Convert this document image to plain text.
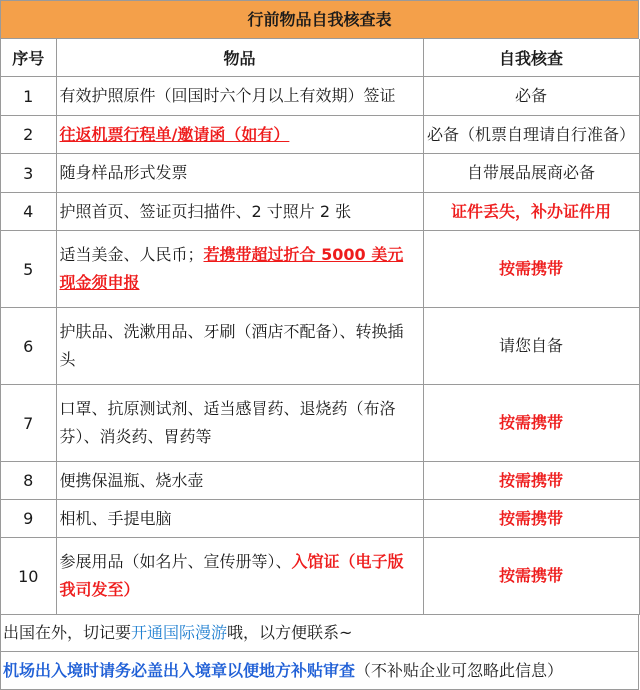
行前物品自我核查表
序号	物品	自我核查
1	有效护照原件（回国时六个月以上有效期）签证	必备
2	往返机票行程单/邀请函（如有）	必备（机票自理请自行准备）
3	随身样品形式发票	自带展品展商必备
4	护照首页、签证页扫描件、2 寸照片 2 张	证件丢失，补办证件用
5	适当美金、人民币；若携带超过折合 5000 美元现金须申报	按需携带
6	护肤品、洗漱用品、牙刷（酒店不配备）、转换插头	请您自备
7	口罩、抗原测试剂、适当感冒药、退烧药（布洛芬）、消炎药、胃药等	按需携带
8	便携保温瓶、烧水壶	按需携带
9	相机、手提电脑	按需携带
10	参展用品（如名片、宣传册等）、入馆证（电子版我司发至）	按需携带
出国在外，切记要开通国际漫游哦，以方便联系~
机场出入境时请务必盖出入境章以便地方补贴审查（不补贴企业可忽略此信息）
